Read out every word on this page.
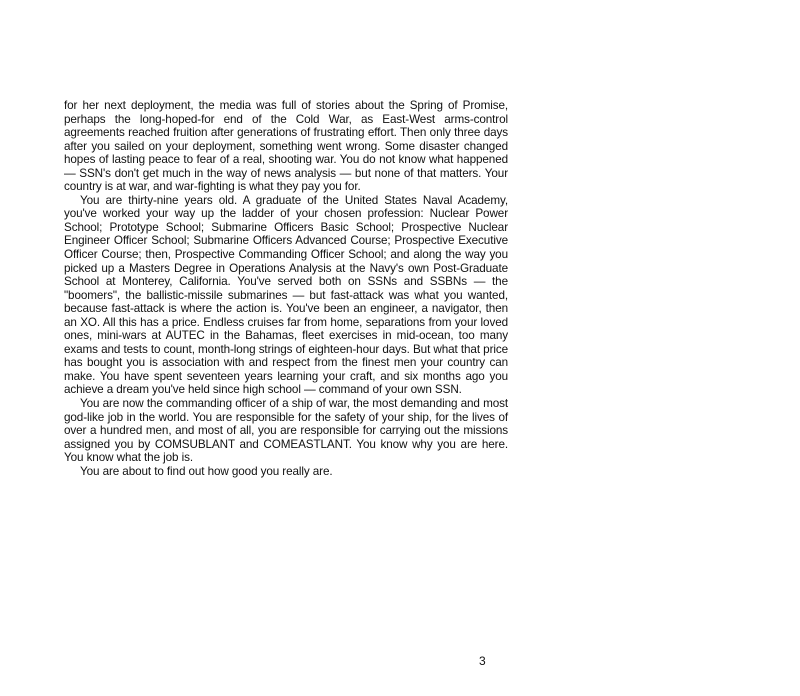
for her next deployment, the media was full of stories about the Spring of Promise, perhaps the long-hoped-for end of the Cold War, as East-West arms-control agreements reached fruition after generations of frustrating effort. Then only three days after you sailed on your deployment, something went wrong. Some disaster changed hopes of lasting peace to fear of a real, shooting war. You do not know what happened — SSN's don't get much in the way of news analysis — but none of that matters. Your country is at war, and war-fighting is what they pay you for.

You are thirty-nine years old. A graduate of the United States Naval Academy, you've worked your way up the ladder of your chosen profession: Nuclear Power School; Prototype School; Submarine Officers Basic School; Prospective Nuclear Engineer Officer School; Submarine Officers Advanced Course; Prospective Executive Officer Course; then, Prospective Commanding Officer School; and along the way you picked up a Masters Degree in Operations Analysis at the Navy's own Post-Graduate School at Monterey, California. You've served both on SSNs and SSBNs — the "boomers", the ballistic-missile submarines — but fast-attack was what you wanted, because fast-attack is where the action is. You've been an engineer, a navigator, then an XO. All this has a price. Endless cruises far from home, separations from your loved ones, mini-wars at AUTEC in the Bahamas, fleet exercises in mid-ocean, too many exams and tests to count, month-long strings of eighteen-hour days. But what that price has bought you is association with and respect from the finest men your country can make. You have spent seventeen years learning your craft, and six months ago you achieve a dream you've held since high school — command of your own SSN.

You are now the commanding officer of a ship of war, the most demanding and most god-like job in the world. You are responsible for the safety of your ship, for the lives of over a hundred men, and most of all, you are responsible for carrying out the missions assigned you by COMSUBLANT and COMEASTLANT. You know why you are here. You know what the job is.

You are about to find out how good you really are.

3
